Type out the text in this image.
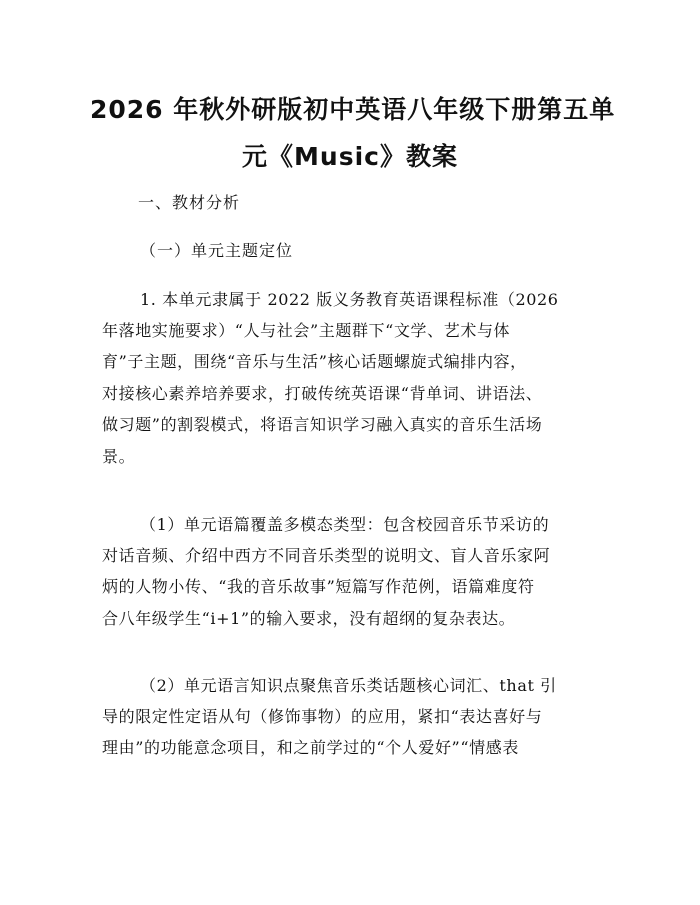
2026 年秋外研版初中英语八年级下册第五单
元《Music》教案
一、教材分析
（一）单元主题定位
1. 本单元隶属于 2022 版义务教育英语课程标准（2026
年落地实施要求）“人与社会”主题群下“文学、艺术与体
育”子主题，围绕“音乐与生活”核心话题螺旋式编排内容，
对接核心素养培养要求，打破传统英语课“背单词、讲语法、
做习题”的割裂模式，将语言知识学习融入真实的音乐生活场
景。
（1）单元语篇覆盖多模态类型：包含校园音乐节采访的
对话音频、介绍中西方不同音乐类型的说明文、盲人音乐家阿
炳的人物小传、“我的音乐故事”短篇写作范例，语篇难度符
合八年级学生“i+1”的输入要求，没有超纲的复杂表达。
（2）单元语言知识点聚焦音乐类话题核心词汇、that 引
导的限定性定语从句（修饰事物）的应用，紧扣“表达喜好与
理由”的功能意念项目，和之前学过的“个人爱好”“情感表
